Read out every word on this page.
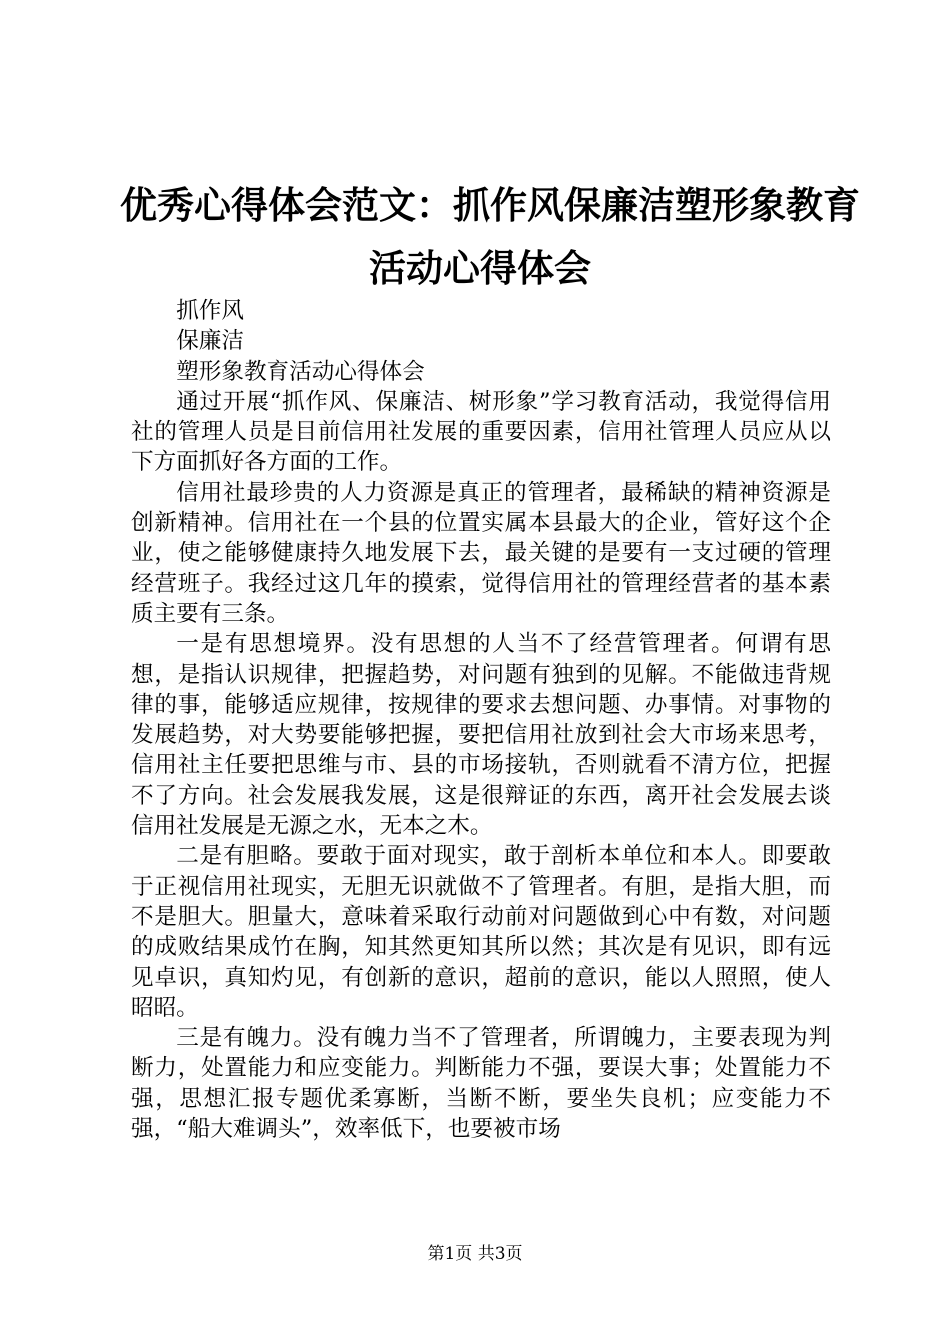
优秀心得体会范文：抓作风保廉洁塑形象教育
活动心得体会

抓作风

保廉洁

塑形象教育活动心得体会

通过开展“抓作风、保廉洁、树形象”学习教育活动，我觉得信用社的管理人员是目前信用社发展的重要因素，信用社管理人员应从以下方面抓好各方面的工作。

信用社最珍贵的人力资源是真正的管理者，最稀缺的精神资源是创新精神。信用社在一个县的位置实属本县最大的企业，管好这个企业，使之能够健康持久地发展下去，最关键的是要有一支过硬的管理经营班子。我经过这几年的摸索，觉得信用社的管理经营者的基本素质主要有三条。

一是有思想境界。没有思想的人当不了经营管理者。何谓有思想，是指认识规律，把握趋势，对问题有独到的见解。不能做违背规律的事，能够适应规律，按规律的要求去想问题、办事情。对事物的发展趋势，对大势要能够把握，要把信用社放到社会大市场来思考，信用社主任要把思维与市、县的市场接轨，否则就看不清方位，把握不了方向。社会发展我发展，这是很辩证的东西，离开社会发展去谈信用社发展是无源之水，无本之木。

二是有胆略。要敢于面对现实，敢于剖析本单位和本人。即要敢于正视信用社现实，无胆无识就做不了管理者。有胆，是指大胆，而不是胆大。胆量大，意味着采取行动前对问题做到心中有数，对问题的成败结果成竹在胸，知其然更知其所以然；其次是有见识，即有远见卓识，真知灼见，有创新的意识，超前的意识，能以人照照，使人昭昭。

三是有魄力。没有魄力当不了管理者，所谓魄力，主要表现为判断力，处置能力和应变能力。判断能力不强，要误大事；处置能力不强，思想汇报专题优柔寡断，当断不断，要坐失良机；应变能力不强，“船大难调头”，效率低下，也要被市场

第1页 共3页
